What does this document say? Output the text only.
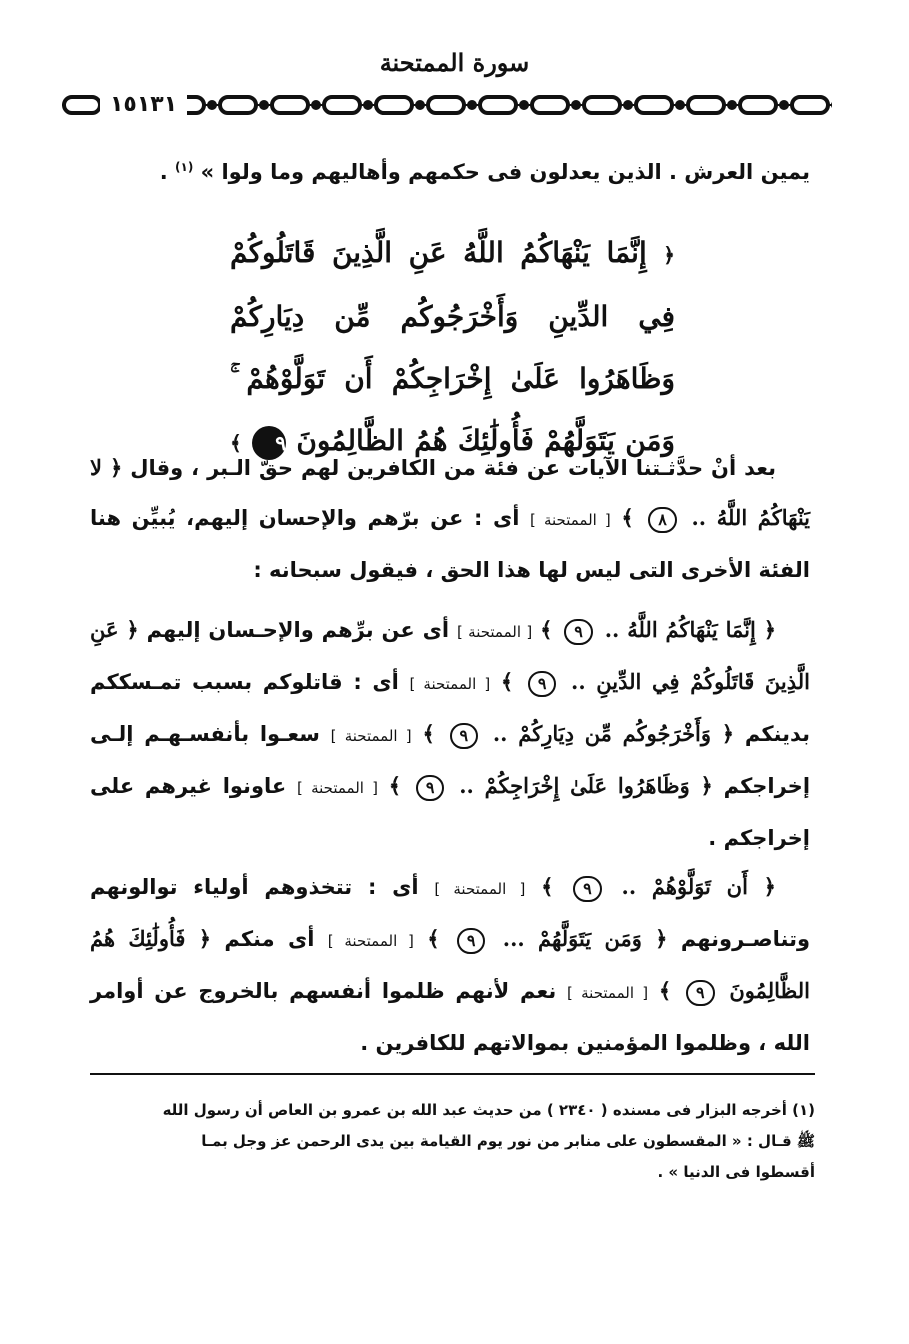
سورة الممتحنة
١٥١٣١

يمين العرش . الذين يعدلون فى حكمهم وأهاليهم وما ولوا » $^{(١)}$ .

﴿ إِنَّمَا يَنْهَاكُمُ اللَّهُ عَنِ الَّذِينَ قَاتَلُوكُمْ فِي الدِّينِ وَأَخْرَجُوكُم مِّن دِيَارِكُمْ وَظَاهَرُوا عَلَىٰ إِخْرَاجِكُمْ أَن تَوَلَّوْهُمْ ۚ وَمَن يَتَوَلَّهُمْ فَأُولَٰئِكَ هُمُ الظَّالِمُونَ ٩ ﴾

بعد أنْ حدَّثـتنا الآيات عن فئة من الكافرين لهم حقّ الـبر ، وقال ﴿ لا يَنْهَاكُمُ اللَّهُ .. ٨ ﴾ [ الممتحنة ] أى : عن برّهم والإحسان إليهم، يُبيِّن هنا الفئة الأخرى التى ليس لها هذا الحق ، فيقول سبحانه :

﴿ إِنَّمَا يَنْهَاكُمُ اللَّهُ .. ٩ ﴾ [ الممتحنة ] أى عن برِّهم والإحـسان إليهم ﴿ عَنِ الَّذِينَ قَاتَلُوكُمْ فِي الدِّينِ .. ٩ ﴾ [ الممتحنة ] أى : قاتلوكم بسبب تمـسككم بدينكم ﴿ وَأَخْرَجُوكُم مِّن دِيَارِكُمْ .. ٩ ﴾ [ الممتحنة ] سعـوا بأنفسـهـم إلـى إخراجكم ﴿ وَظَاهَرُوا عَلَىٰ إِخْرَاجِكُمْ .. ٩ ﴾ [ الممتحنة ] عاونوا غيرهم على إخراجكم .

﴿ أَن تَوَلَّوْهُمْ .. ٩ ﴾ [ الممتحنة ] أى : تتخذوهم أولياء توالونهم وتناصـرونهم ﴿ وَمَن يَتَوَلَّهُمْ ... ٩ ﴾ [ الممتحنة ] أى منكم ﴿ فَأُولَٰئِكَ هُمُ الظَّالِمُونَ ٩ ﴾ [ الممتحنة ] نعم لأنهم ظلموا أنفسهم بالخروج عن أوامر الله ، وظلموا المؤمنين بموالاتهم للكافرين .

(١) أخرجه البزار فى مسنده ( ٢٣٤٠ ) من حديث عبد الله بن عمرو بن العاص أن رسول الله

ﷺ قـال : « المقسطون على منابر من نور يوم القيامة بين يدى الرحمن عز وجل بمـا

أقسطوا فى الدنيا » .
